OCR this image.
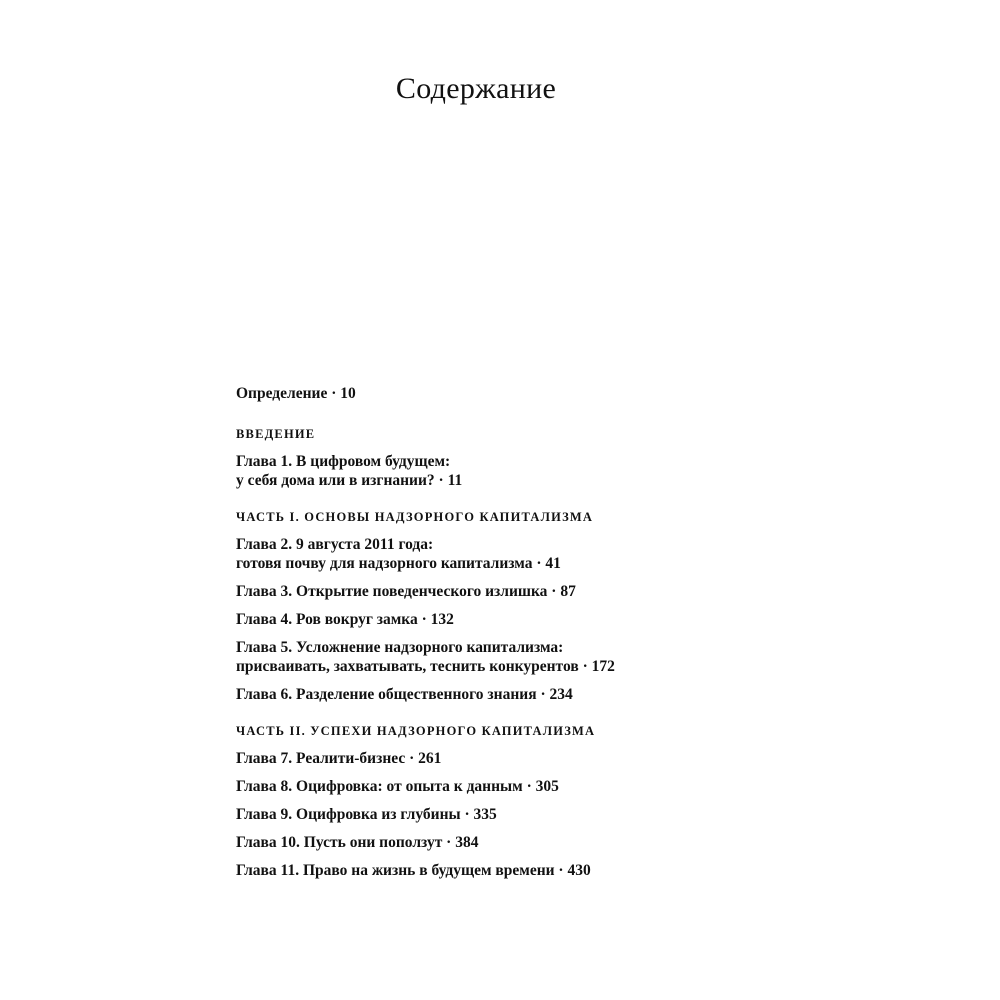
Содержание
Определение · 10
ВВЕДЕНИЕ
Глава 1. В цифровом будущем:
у себя дома или в изгнании? · 11
ЧАСТЬ I. ОСНОВЫ НАДЗОРНОГО КАПИТАЛИЗМА
Глава 2. 9 августа 2011 года:
готовя почву для надзорного капитализма · 41
Глава 3. Открытие поведенческого излишка · 87
Глава 4. Ров вокруг замка · 132
Глава 5. Усложнение надзорного капитализма:
присваивать, захватывать, теснить конкурентов · 172
Глава 6. Разделение общественного знания · 234
ЧАСТЬ II. УСПЕХИ НАДЗОРНОГО КАПИТАЛИЗМА
Глава 7. Реалити-бизнес · 261
Глава 8. Оцифровка: от опыта к данным · 305
Глава 9. Оцифровка из глубины · 335
Глава 10. Пусть они поползут · 384
Глава 11. Право на жизнь в будущем времени · 430
